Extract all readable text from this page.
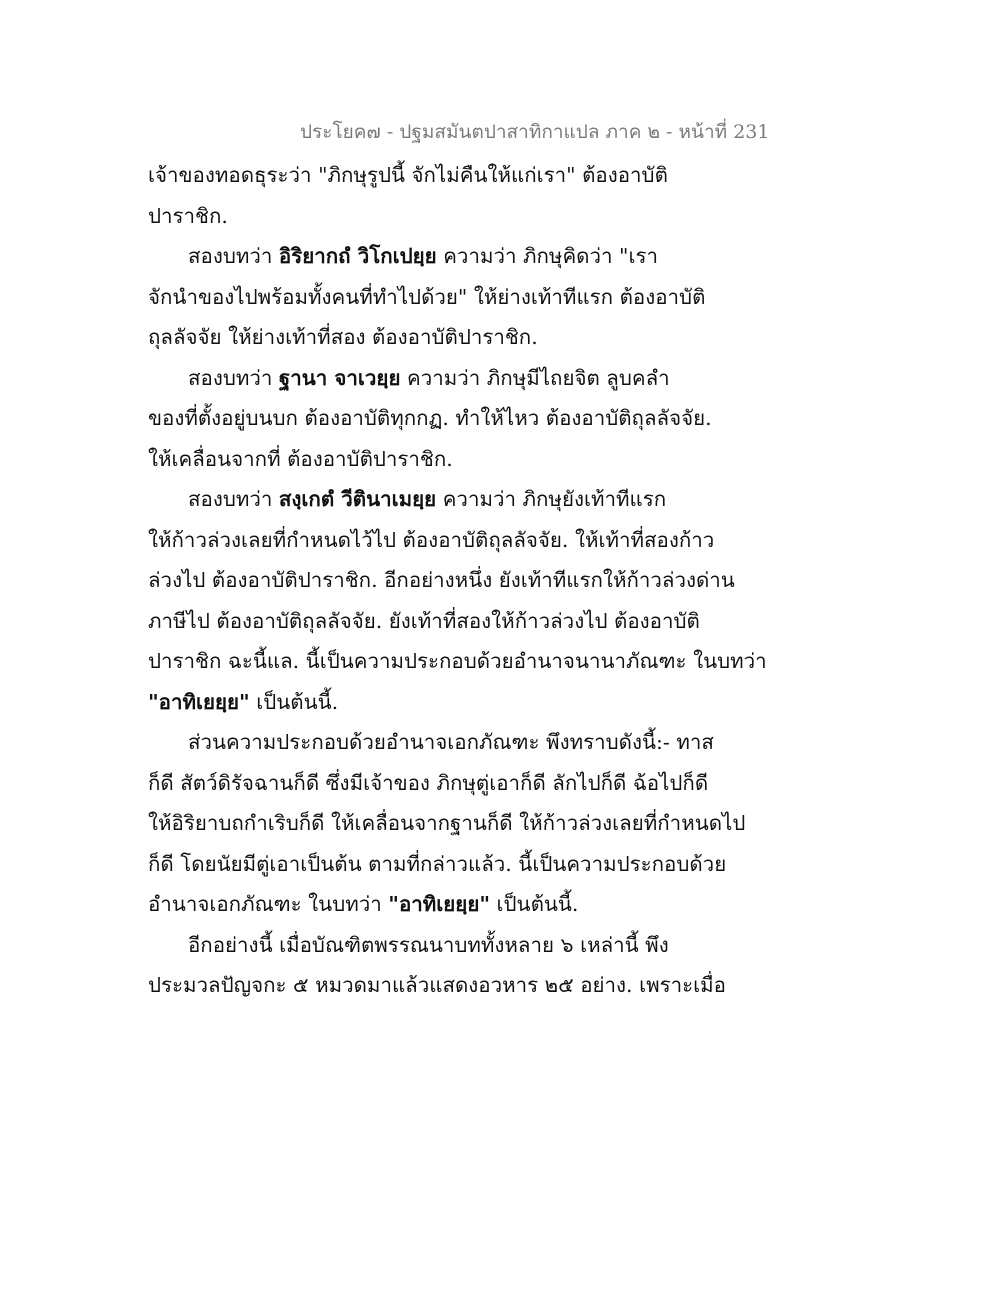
ประโยค๗ - ปฐมสมันตปาสาทิกาแปล ภาค ๒ - หน้าที่ 231
เจ้าของทอดธุระว่า "ภิกษุรูปนี้ จักไม่คืนให้แก่เรา" ต้องอาบัติ
ปาราชิก.
สองบทว่า อิริยากถํ วิโกเปยฺย ความว่า ภิกษุคิดว่า "เรา
จักนำของไปพร้อมทั้งคนที่ทำไปด้วย" ให้ย่างเท้าทีแรก ต้องอาบัติ
ถุลลัจจัย ให้ย่างเท้าที่สอง ต้องอาบัติปาราชิก.
สองบทว่า ฐานา จาเวยฺย ความว่า ภิกษุมีไถยจิต ลูบคลำ
ของที่ตั้งอยู่บนบก ต้องอาบัติทุกกฏ. ทำให้ไหว ต้องอาบัติถุลลัจจัย.
ให้เคลื่อนจากที่ ต้องอาบัติปาราชิก.
สองบทว่า สงฺเกตํ วีตินาเมยฺย ความว่า ภิกษุยังเท้าทีแรก
ให้ก้าวล่วงเลยที่กำหนดไว้ไป ต้องอาบัติถุลลัจจัย. ให้เท้าที่สองก้าว
ล่วงไป ต้องอาบัติปาราชิก. อีกอย่างหนึ่ง ยังเท้าทีแรกให้ก้าวล่วงด่าน
ภาษีไป ต้องอาบัติถุลลัจจัย. ยังเท้าที่สองให้ก้าวล่วงไป ต้องอาบัติ
ปาราชิก ฉะนี้แล. นี้เป็นความประกอบด้วยอำนาจนานาภัณฑะ ในบทว่า
"อาทิเยยฺย" เป็นต้นนี้.
ส่วนความประกอบด้วยอำนาจเอกภัณฑะ พึงทราบดังนี้:- ทาส
ก็ดี สัตว์ดิรัจฉานก็ดี ซึ่งมีเจ้าของ ภิกษุตู่เอาก็ดี ลักไปก็ดี ฉ้อไปก็ดี
ให้อิริยาบถกำเริบก็ดี ให้เคลื่อนจากฐานก็ดี ให้ก้าวล่วงเลยที่กำหนดไป
ก็ดี โดยนัยมีตู่เอาเป็นต้น ตามที่กล่าวแล้ว. นี้เป็นความประกอบด้วย
อำนาจเอกภัณฑะ ในบทว่า "อาทิเยยฺย" เป็นต้นนี้.
อีกอย่างนี้ เมื่อบัณฑิตพรรณนาบททั้งหลาย ๖ เหล่านี้ พึง
ประมวลปัญจกะ ๕ หมวดมาแล้วแสดงอวหาร ๒๕ อย่าง. เพราะเมื่อ
